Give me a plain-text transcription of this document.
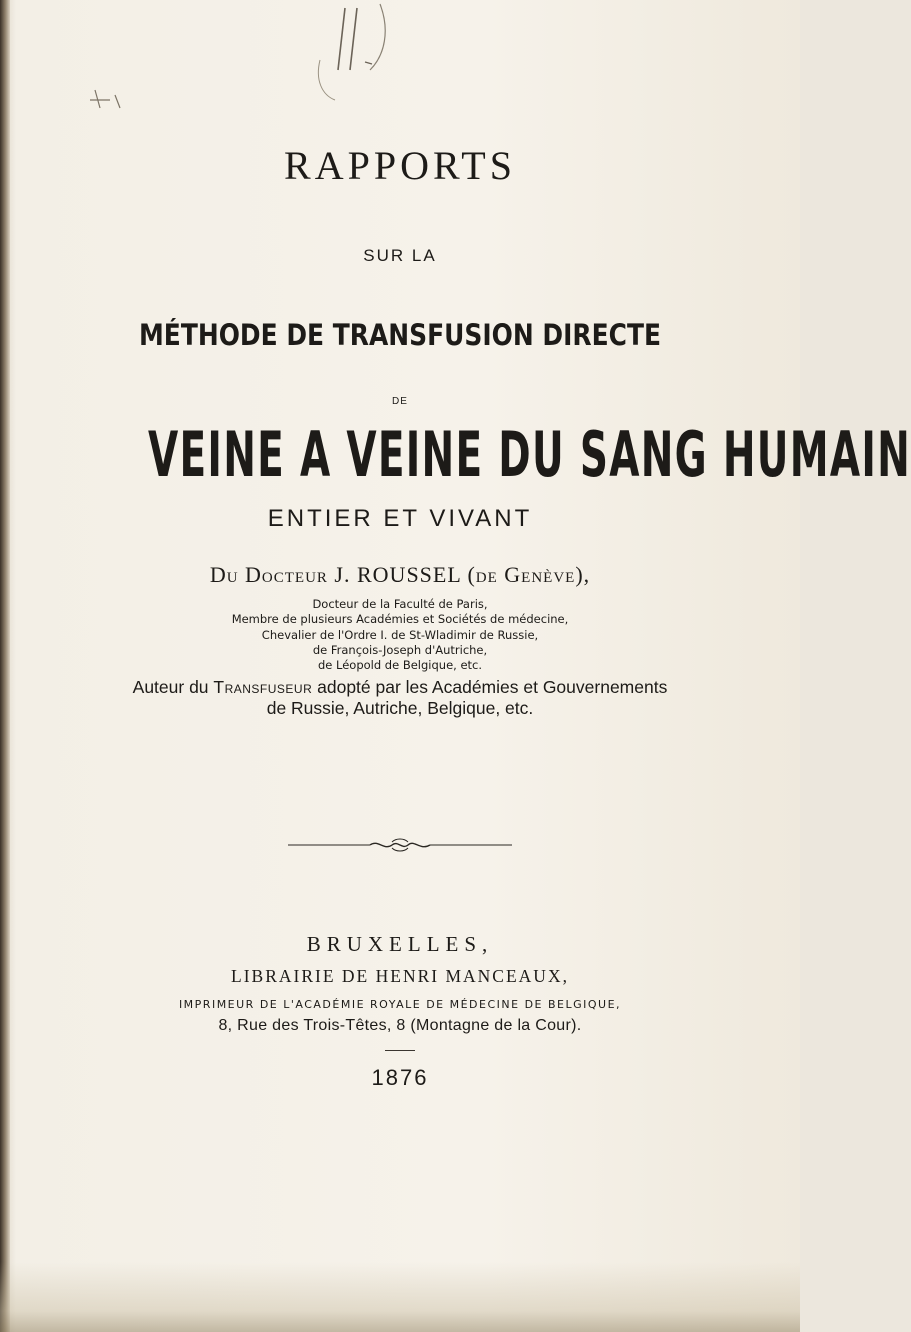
RAPPORTS
SUR LA
MÉTHODE DE TRANSFUSION DIRECTE
DE
VEINE A VEINE DU SANG HUMAIN
ENTIER ET VIVANT
Du Docteur J. ROUSSEL (de Genève),
Docteur de la Faculté de Paris,
Membre de plusieurs Académies et Sociétés de médecine,
Chevalier de l'Ordre I. de St-Wladimir de Russie,
de François-Joseph d'Autriche,
de Léopold de Belgique, etc.
Auteur du Transfuseur adopté par les Académies et Gouvernements
de Russie, Autriche, Belgique, etc.
BRUXELLES,
LIBRAIRIE DE HENRI MANCEAUX,
IMPRIMEUR DE L'ACADÉMIE ROYALE DE MÉDECINE DE BELGIQUE,
8, Rue des Trois-Têtes, 8 (Montagne de la Cour).
1876
